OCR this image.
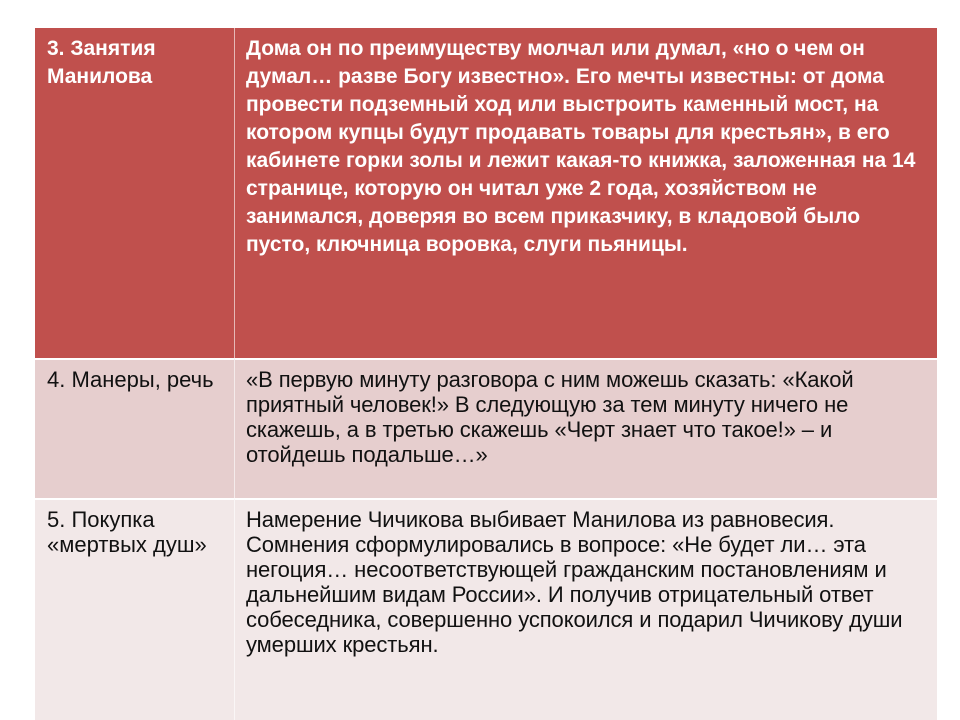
3. Занятия Манилова
Дома он по преимуществу молчал или думал, «но о чем он думал… разве Богу известно». Его мечты известны: от дома провести подземный ход или выстроить каменный мост, на котором купцы будут продавать товары для крестьян», в его кабинете горки золы и лежит какая-то книжка, заложенная на 14 странице, которую он читал уже 2 года, хозяйством не занимался, доверяя во всем приказчику, в кладовой было пусто, ключница воровка, слуги пьяницы.
4. Манеры, речь	«В первую минуту разговора с ним можешь сказать: «Какой приятный человек!» В следующую за тем минуту ничего не скажешь, а в третью скажешь «Черт знает что такое!» – и отойдешь подальше…»
5. Покупка «мертвых душ»
Намерение Чичикова выбивает Манилова из равновесия. Сомнения сформулировались в вопросе: «Не будет ли… эта негоция… несоответствующей гражданским постановлениям и дальнейшим видам России». И получив отрицательный ответ собеседника, совершенно успокоился и подарил Чичикову души умерших крестьян.
